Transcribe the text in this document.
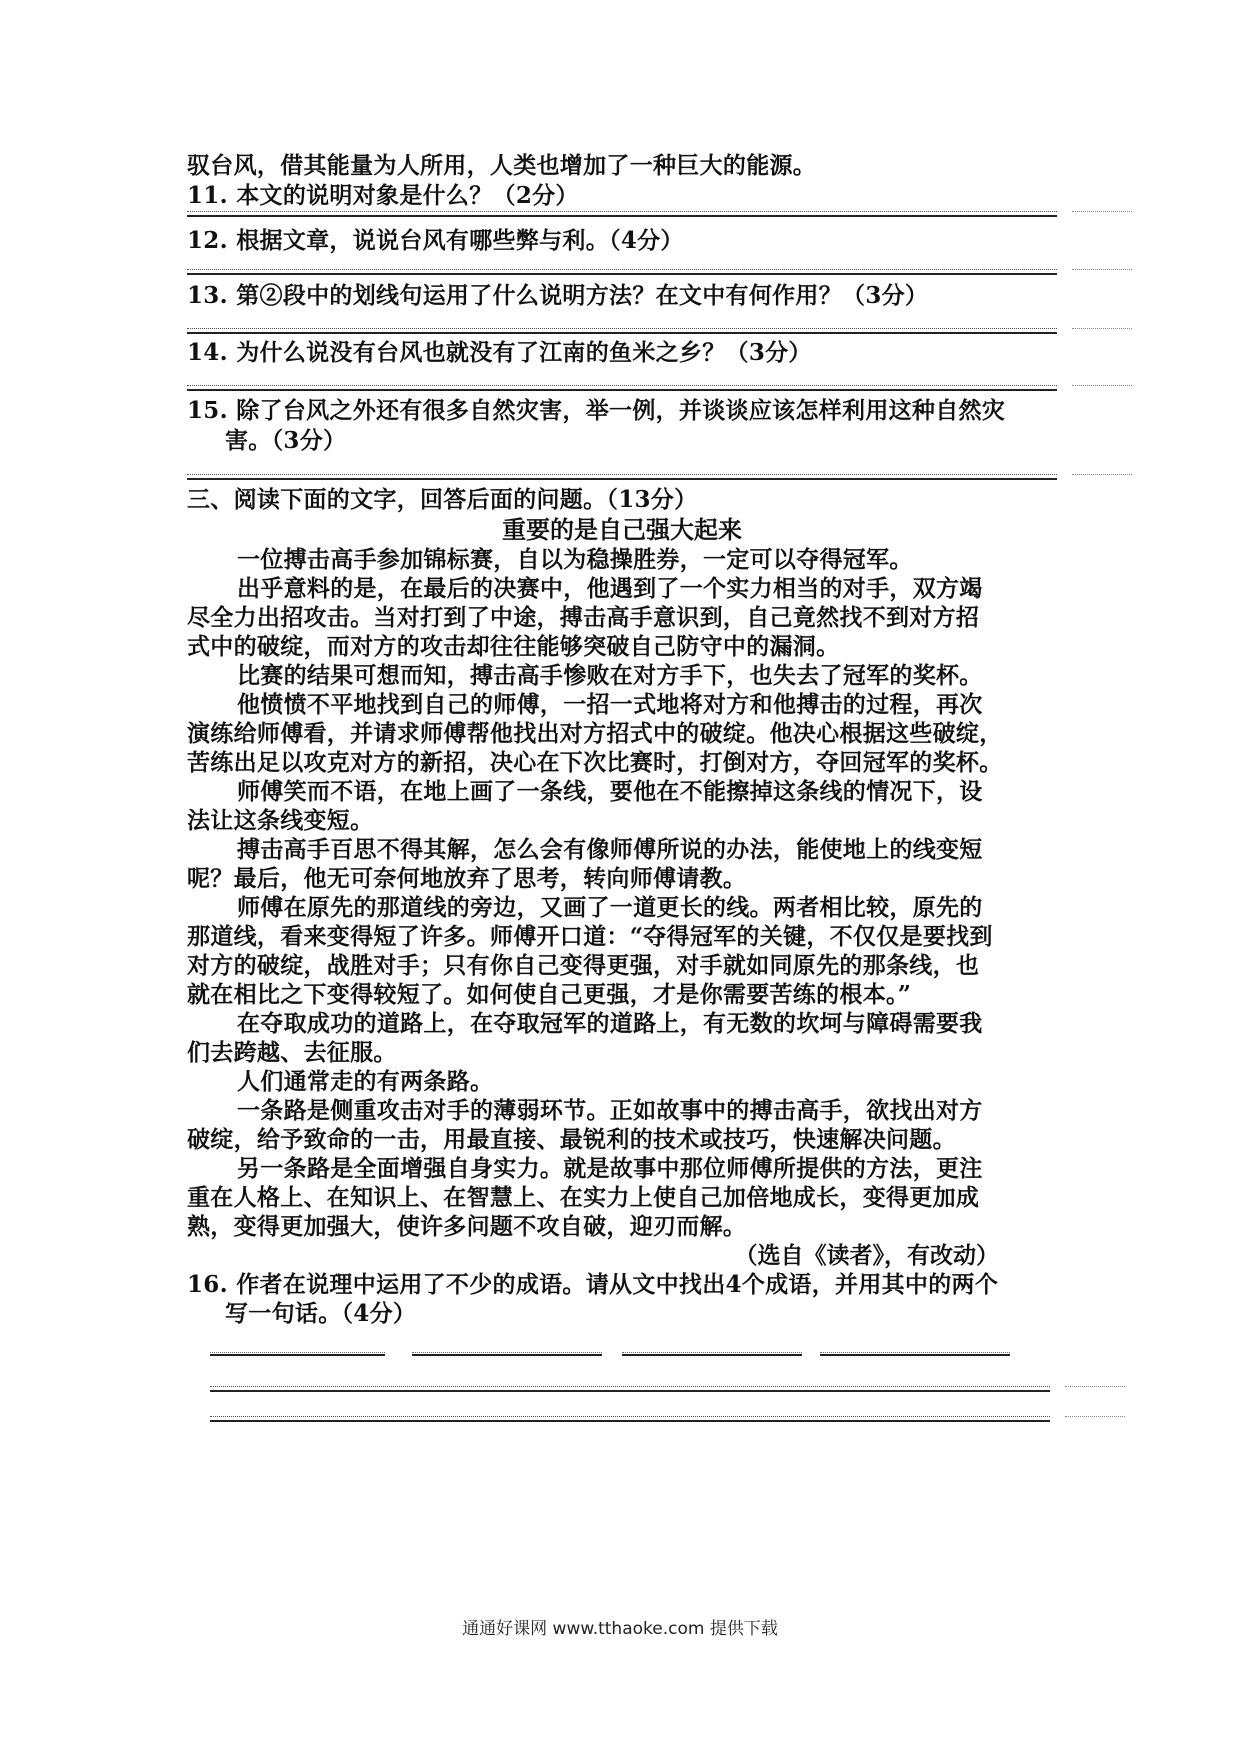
驭台风，借其能量为人所用，人类也增加了一种巨大的能源。
11. 本文的说明对象是什么？（2分）
12. 根据文章，说说台风有哪些弊与利。（4分）
13. 第②段中的划线句运用了什么说明方法？在文中有何作用？（3分）
14. 为什么说没有台风也就没有了江南的鱼米之乡？（3分）
15. 除了台风之外还有很多自然灾害，举一例，并谈谈应该怎样利用这种自然灾
害。（3分）
三、阅读下面的文字，回答后面的问题。（13分）
重要的是自己强大起来
一位搏击高手参加锦标赛，自以为稳操胜券，一定可以夺得冠军。
出乎意料的是，在最后的决赛中，他遇到了一个实力相当的对手，双方竭
尽全力出招攻击。当对打到了中途，搏击高手意识到，自己竟然找不到对方招
式中的破绽，而对方的攻击却往往能够突破自己防守中的漏洞。
比赛的结果可想而知，搏击高手惨败在对方手下，也失去了冠军的奖杯。
他愤愤不平地找到自己的师傅，一招一式地将对方和他搏击的过程，再次
演练给师傅看，并请求师傅帮他找出对方招式中的破绽。他决心根据这些破绽，
苦练出足以攻克对方的新招，决心在下次比赛时，打倒对方，夺回冠军的奖杯。
师傅笑而不语，在地上画了一条线，要他在不能擦掉这条线的情况下，设
法让这条线变短。
搏击高手百思不得其解，怎么会有像师傅所说的办法，能使地上的线变短
呢？最后，他无可奈何地放弃了思考，转向师傅请教。
师傅在原先的那道线的旁边，又画了一道更长的线。两者相比较，原先的
那道线，看来变得短了许多。师傅开口道：“夺得冠军的关键，不仅仅是要找到
对方的破绽，战胜对手；只有你自己变得更强，对手就如同原先的那条线，也
就在相比之下变得较短了。如何使自己更强，才是你需要苦练的根本。”
在夺取成功的道路上，在夺取冠军的道路上，有无数的坎坷与障碍需要我
们去跨越、去征服。
人们通常走的有两条路。
一条路是侧重攻击对手的薄弱环节。正如故事中的搏击高手，欲找出对方
破绽，给予致命的一击，用最直接、最锐利的技术或技巧，快速解决问题。
另一条路是全面增强自身实力。就是故事中那位师傅所提供的方法，更注
重在人格上、在知识上、在智慧上、在实力上使自己加倍地成长，变得更加成
熟，变得更加强大，使许多问题不攻自破，迎刃而解。
（选自《读者》，有改动）
16. 作者在说理中运用了不少的成语。请从文中找出4个成语，并用其中的两个
写一句话。（4分）
通通好课网 www.tthaoke.com 提供下载
